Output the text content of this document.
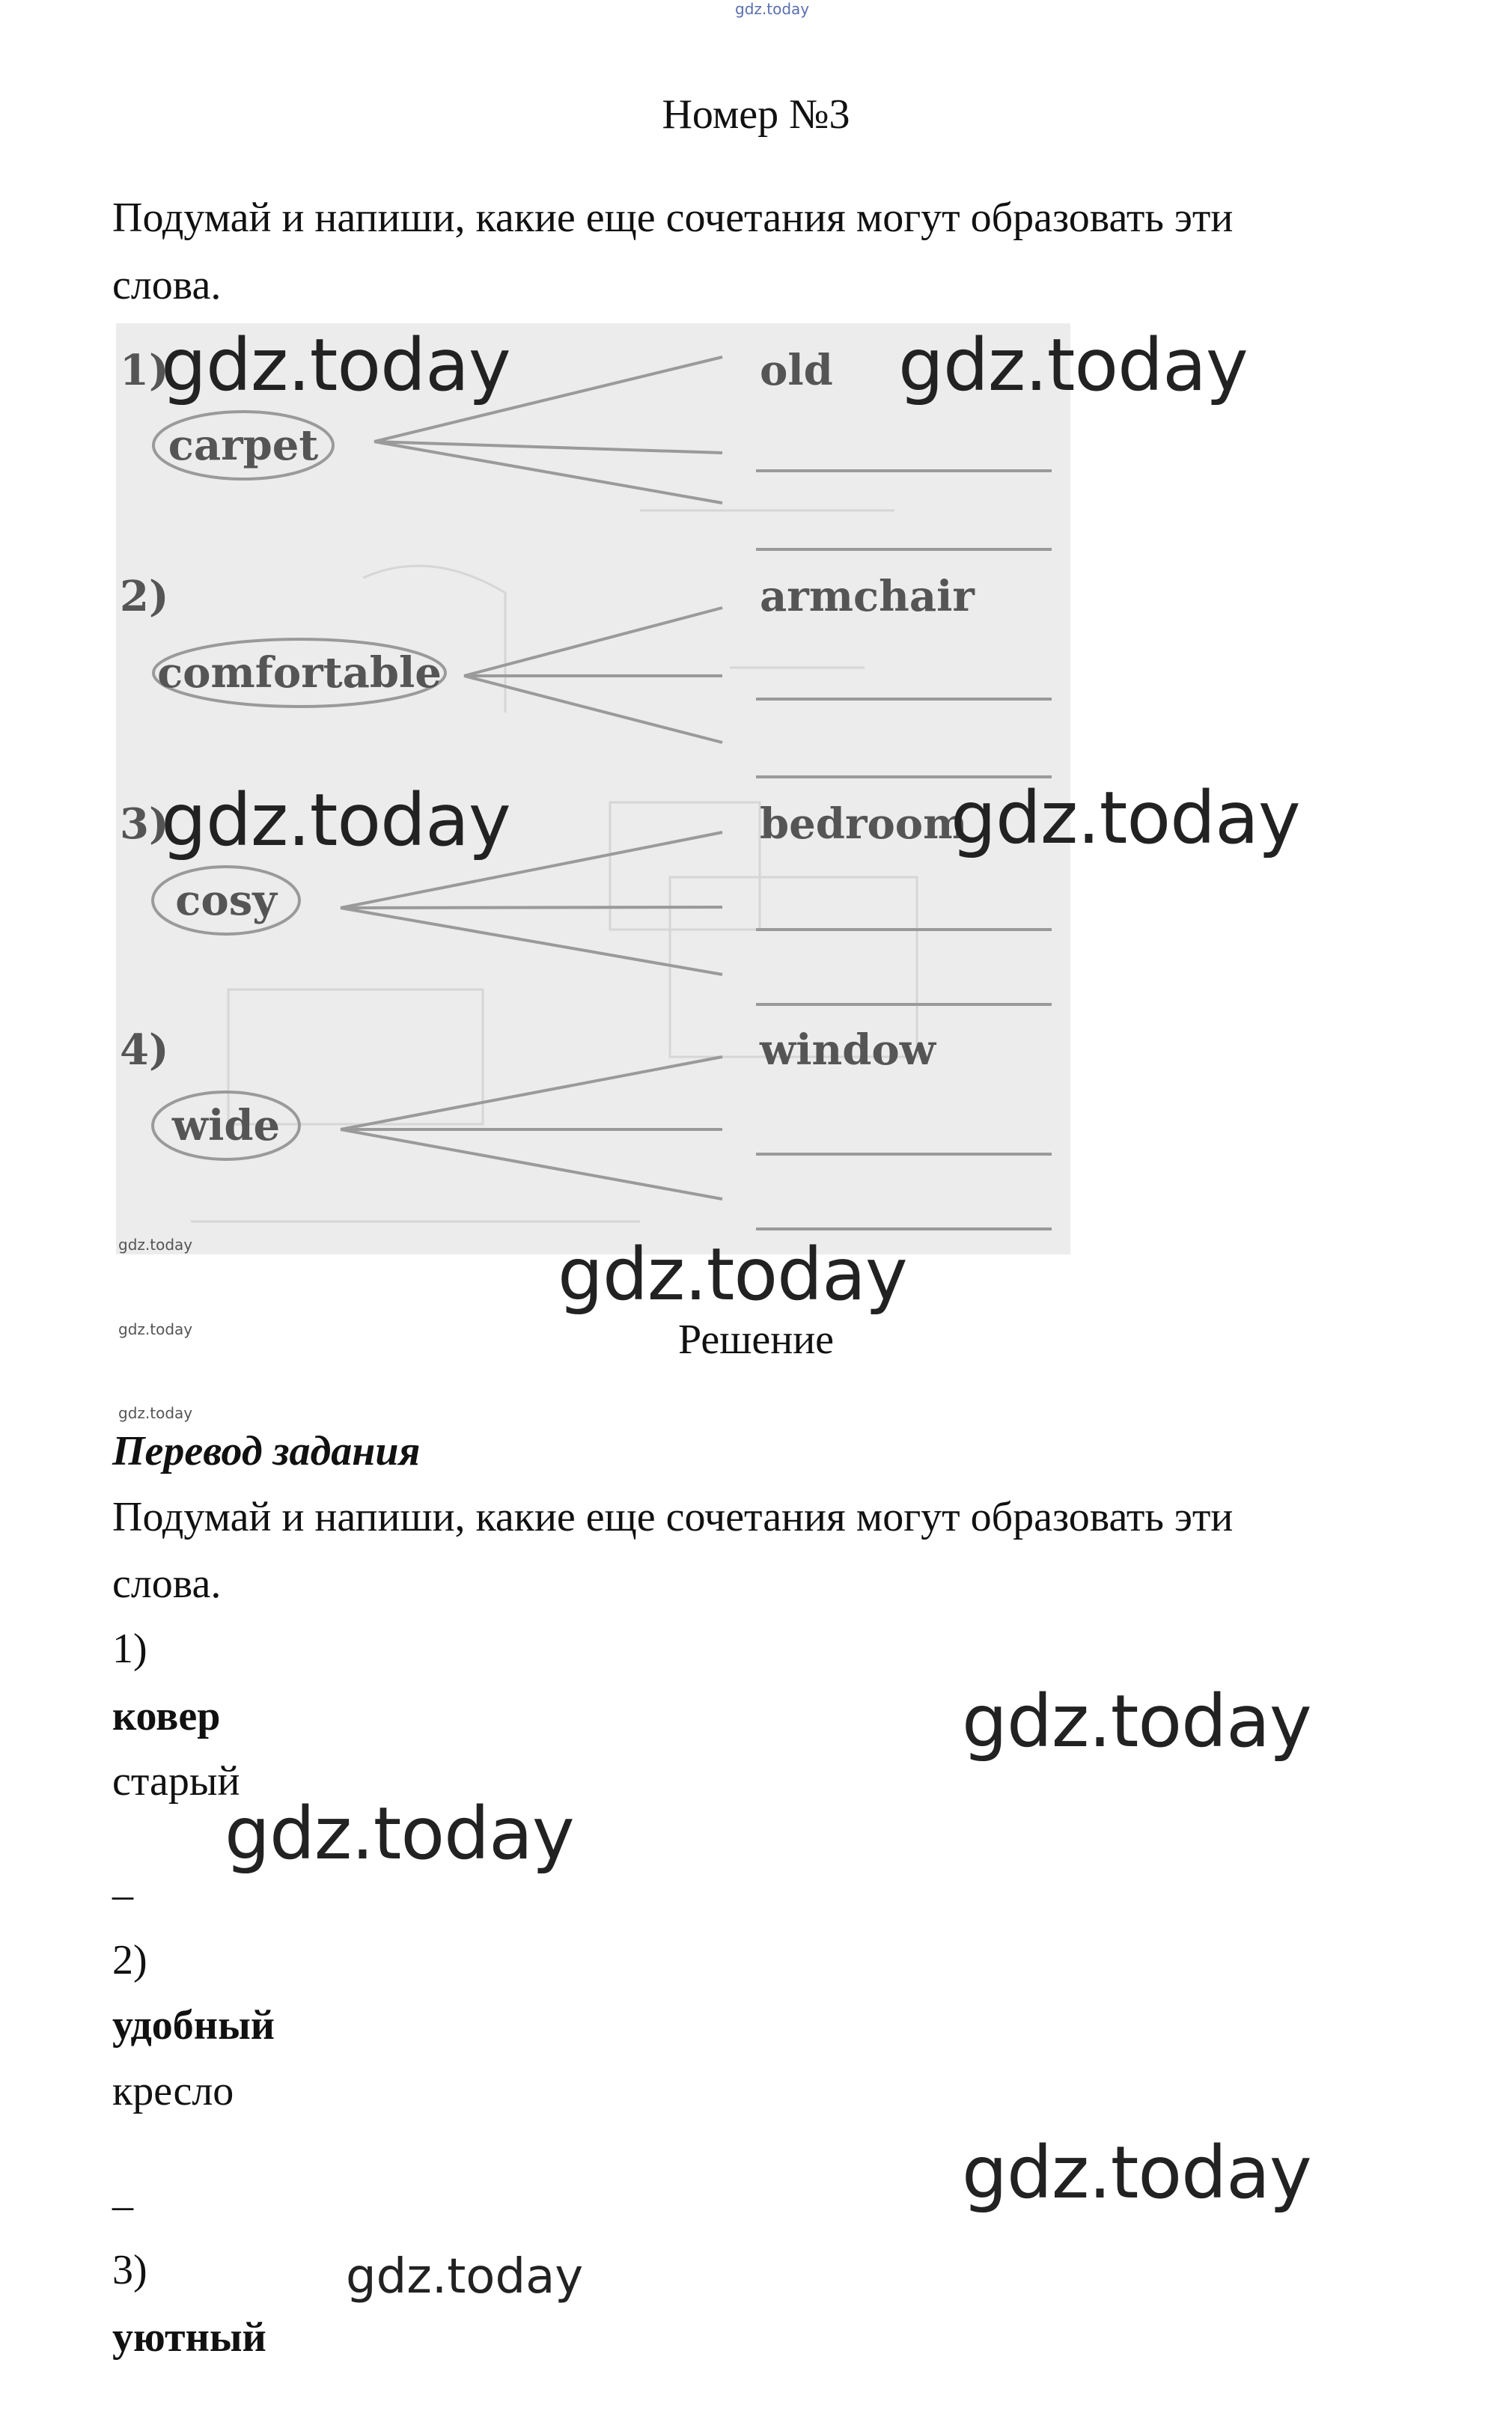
gdz.today
Номер №3
Подумай и напиши, какие еще сочетания могут образовать эти
слова.
1)
carpet
old
2)
comfortable
armchair
3)
cosy
bedroom
4)
wide
window
gdz.today	gdz.today
gdz.today	gdz.today
gdz.today	gdz.today
Решение
gdz.today
gdz.today
Перевод задания
Подумай и напиши, какие еще сочетания могут образовать эти
слова.
1)
ковер
старый
_
gdz.today
gdz.today
2)
удобный
кресло
_	gdz.today
3)	gdz.today
уютный
